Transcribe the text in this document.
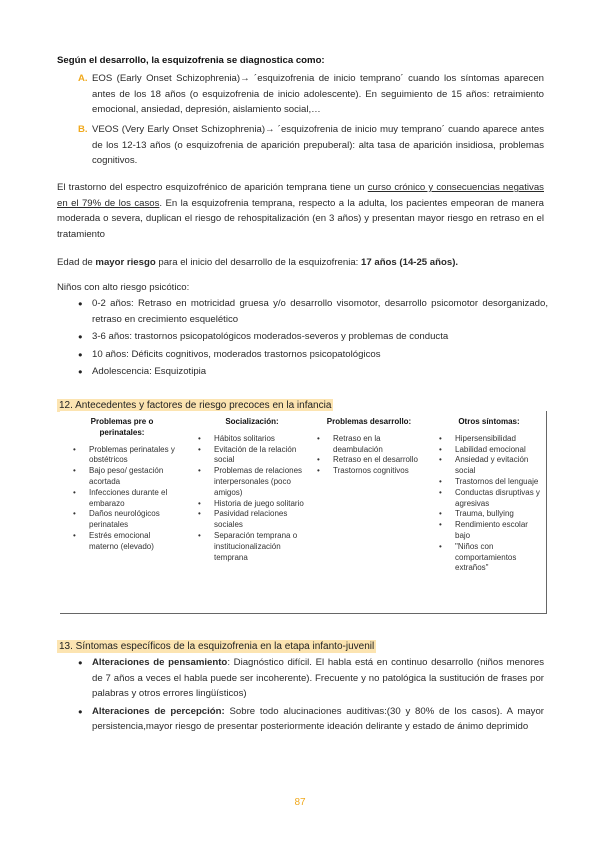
Según el desarrollo, la esquizofrenia se diagnostica como:
A. EOS (Early Onset Schizophrenia)→ ´esquizofrenia de inicio temprano´ cuando los síntomas aparecen antes de los 18 años (o esquizofrenia de inicio adolescente). En seguimiento de 15 años: retraimiento emocional, ansiedad, depresión, aislamiento social,…
B. VEOS (Very Early Onset Schizophrenia)→ ´esquizofrenia de inicio muy temprano´ cuando aparece antes de los 12-13 años (o esquizofrenia de aparición prepuberal): alta tasa de aparición insidiosa, problemas cognitivos.
El trastorno del espectro esquizofrénico de aparición temprana tiene un curso crónico y consecuencias negativas en el 79% de los casos. En la esquizofrenia temprana, respecto a la adulta, los pacientes empeoran de manera moderada o severa, duplican el riesgo de rehospitalización (en 3 años) y presentan mayor riesgo en retraso en el tratamiento
Edad de mayor riesgo para el inicio del desarrollo de la esquizofrenia: 17 años (14-25 años).
Niños con alto riesgo psicótico:
● 0-2 años: Retraso en motricidad gruesa y/o desarrollo visomotor, desarrollo psicomotor desorganizado, retraso en crecimiento esquelético
● 3-6 años: trastornos psicopatológicos moderados-severos y problemas de conducta
● 10 años: Déficits cognitivos, moderados trastornos psicopatológicos
● Adolescencia: Esquizotipia
12. Antecedentes y factores de riesgo precoces en la infancia
Problemas pre o perinatales:
• Problemas perinatales y obstétricos
• Bajo peso/ gestación acortada
• Infecciones durante el embarazo
• Daños neurológicos perinatales
• Estrés emocional materno (elevado)
Socialización:
• Hábitos solitarios
• Evitación de la relación social
• Problemas de relaciones interpersonales (poco amigos)
• Historia de juego solitario
• Pasividad relaciones sociales
• Separación temprana o institucionalización temprana
Problemas desarrollo:
• Retraso en la deambulación
• Retraso en el desarrollo
• Trastornos cognitivos
Otros síntomas:
• Hipersensibilidad
• Labilidad emocional
• Ansiedad y evitación social
• Trastornos del lenguaje
• Conductas disruptivas y agresivas
• Trauma, bullying
• Rendimiento escolar bajo
• "Niños con comportamientos extraños"
13. Síntomas específicos de la esquizofrenia en la etapa infanto-juvenil
● Alteraciones de pensamiento: Diagnóstico difícil. El habla está en continuo desarrollo (niños menores de 7 años a veces el habla puede ser incoherente). Frecuente y no patológica la sustitución de frases por palabras y otros errores lingüísticos)
● Alteraciones de percepción: Sobre todo alucinaciones auditivas:(30 y 80% de los casos). A mayor persistencia,mayor riesgo de presentar posteriormente ideación delirante y estado de ánimo deprimido
87
